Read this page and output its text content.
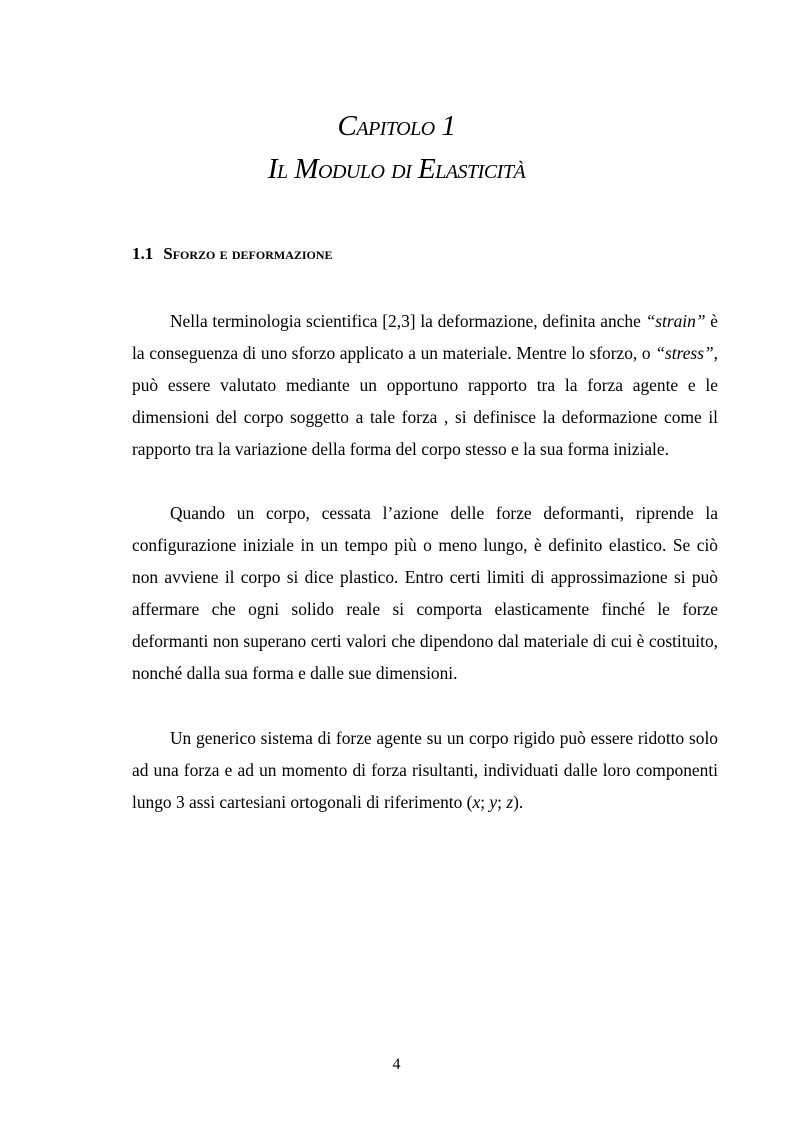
Capitolo 1
Il Modulo di Elasticità
1.1 Sforzo e deformazione

Nella terminologia scientifica [2,3] la deformazione, definita anche “strain” è la conseguenza di uno sforzo applicato a un materiale. Mentre lo sforzo, o “stress”, può essere valutato mediante un opportuno rapporto tra la forza agente e le dimensioni del corpo soggetto a tale forza , si definisce la deformazione come il rapporto tra la variazione della forma del corpo stesso e la sua forma iniziale.

Quando un corpo, cessata l’azione delle forze deformanti, riprende la configurazione iniziale in un tempo più o meno lungo, è definito elastico. Se ciò non avviene il corpo si dice plastico. Entro certi limiti di approssimazione si può affermare che ogni solido reale si comporta elasticamente finché le forze deformanti non superano certi valori che dipendono dal materiale di cui è costituito, nonché dalla sua forma e dalle sue dimensioni.

Un generico sistema di forze agente su un corpo rigido può essere ridotto solo ad una forza e ad un momento di forza risultanti, individuati dalle loro componenti lungo 3 assi cartesiani ortogonali di riferimento (x; y; z).

4
